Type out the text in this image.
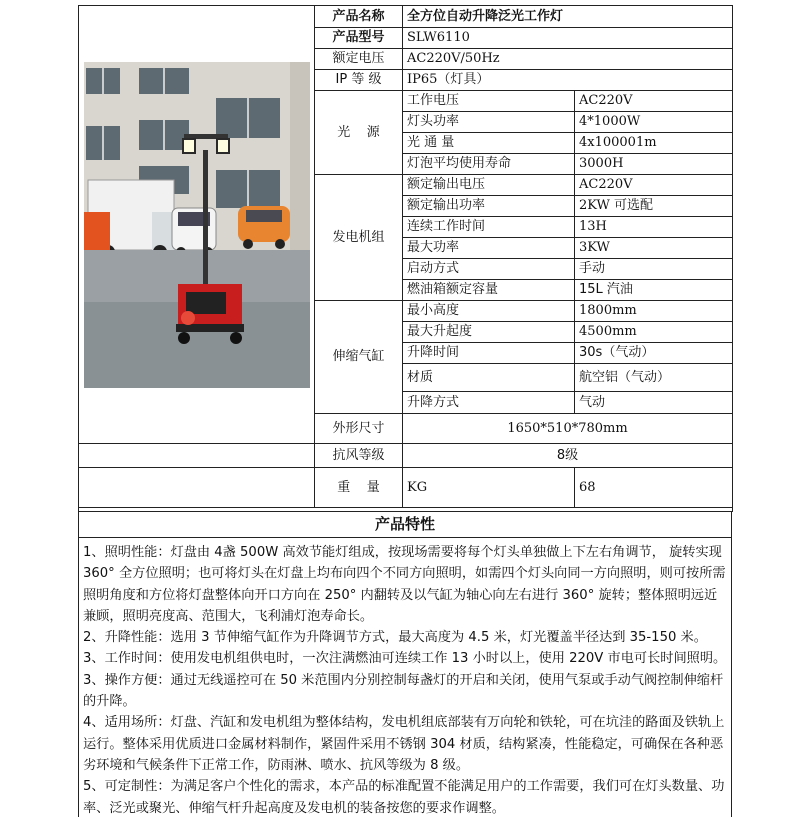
	产品名称	全方位自动升降泛光工作灯	
	产品型号	SLW6110	
	额定电压	AC220V/50Hz	
	IP 等 级	IP65（灯具）	
	光    源	工作电压	AC220V
		灯头功率	4*1000W
		光 通 量	4x100001m
		灯泡平均使用寿命	3000H
	发电机组	额定输出电压	AC220V
		额定输出功率	2KW 可选配
		连续工作时间	13H
		最大功率	3KW
		启动方式	手动
		燃油箱额定容量	15L 汽油
	伸缩气缸	最小高度	1800mm
		最大升起度	4500mm
		升降时间	30s（气动）
		材质	航空铝（气动）
		升降方式	气动
	外形尺寸	1650*510*780mm	
	抗风等级	8级	
	重    量	KG	68

产品特性

1、照明性能：灯盘由 4盏 500W 高效节能灯组成，按现场需要将每个灯头单独做上下左右角调节， 旋转实现 360° 全方位照明；也可将灯头在灯盘上均布向四个不同方向照明，如需四个灯头向同一方向照明，则可按所需照明角度和方位将灯盘整体向开口方向在 250° 内翻转及以气缸为轴心向左右进行 360° 旋转；整体照明远近兼顾，照明亮度高、范围大，飞利浦灯泡寿命长。

2、升降性能：选用 3 节伸缩气缸作为升降调节方式，最大高度为 4.5 米，灯光覆盖半径达到 35-150 米。

3、工作时间：使用发电机组供电时，一次注满燃油可连续工作 13 小时以上，使用 220V 市电可长时间照明。

3、操作方便：通过无线遥控可在 50 米范围内分别控制每盏灯的开启和关闭，使用气泵或手动气阀控制伸缩杆的升降。

4、适用场所：灯盘、汽缸和发电机组为整体结构，发电机组底部装有万向轮和铁轮，可在坑洼的路面及铁轨上运行。整体采用优质进口金属材料制作，紧固件采用不锈钢 304 材质，结构紧凑，性能稳定，可确保在各种恶劣环境和气候条件下正常工作，防雨淋、喷水、抗风等级为 8 级。

5、可定制性：为满足客户个性化的需求，本产品的标准配置不能满足用户的工作需要，我们可在灯头数量、功率、泛光或聚光、伸缩气杆升起高度及发电机的装备按您的要求作调整。
